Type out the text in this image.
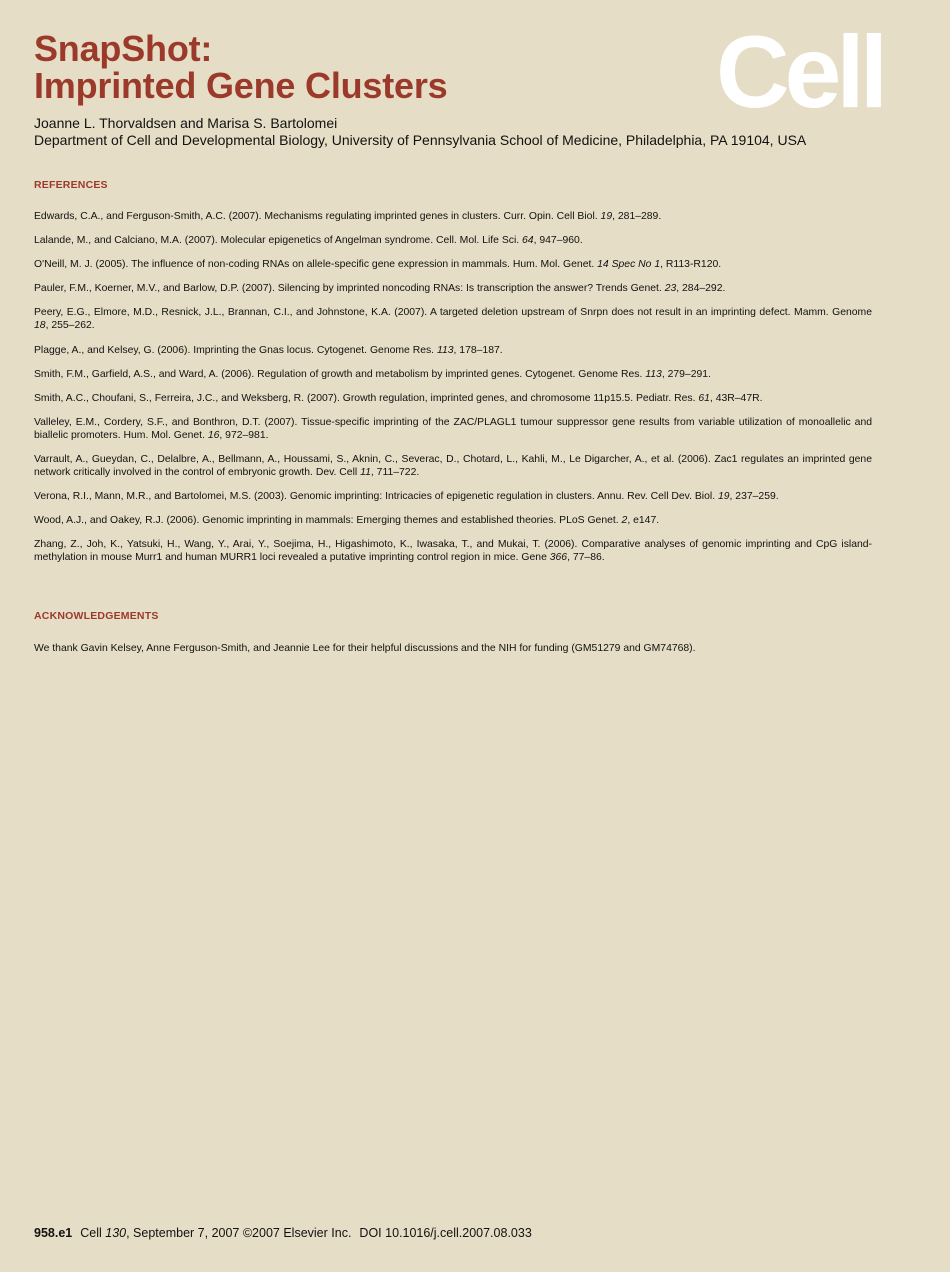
SnapShot:
Imprinted Gene Clusters	Cell
Joanne L. Thorvaldsen and Marisa S. Bartolomei
Department of Cell and Developmental Biology, University of Pennsylvania School of Medicine, Philadelphia, PA 19104, USA
REFERENCES
Edwards, C.A., and Ferguson-Smith, A.C. (2007). Mechanisms regulating imprinted genes in clusters. Curr. Opin. Cell Biol. 19, 281–289.
Lalande, M., and Calciano, M.A. (2007). Molecular epigenetics of Angelman syndrome. Cell. Mol. Life Sci. 64, 947–960.
O'Neill, M. J. (2005). The influence of non-coding RNAs on allele-specific gene expression in mammals. Hum. Mol. Genet. 14 Spec No 1, R113-R120.
Pauler, F.M., Koerner, M.V., and Barlow, D.P. (2007). Silencing by imprinted noncoding RNAs: Is transcription the answer? Trends Genet. 23, 284–292.
Peery, E.G., Elmore, M.D., Resnick, J.L., Brannan, C.I., and Johnstone, K.A. (2007). A targeted deletion upstream of Snrpn does not result in an imprinting defect. Mamm. Genome 18, 255–262.
Plagge, A., and Kelsey, G. (2006). Imprinting the Gnas locus. Cytogenet. Genome Res. 113, 178–187.
Smith, F.M., Garfield, A.S., and Ward, A. (2006). Regulation of growth and metabolism by imprinted genes. Cytogenet. Genome Res. 113, 279–291.
Smith, A.C., Choufani, S., Ferreira, J.C., and Weksberg, R. (2007). Growth regulation, imprinted genes, and chromosome 11p15.5. Pediatr. Res. 61, 43R–47R.
Valleley, E.M., Cordery, S.F., and Bonthron, D.T. (2007). Tissue-specific imprinting of the ZAC/PLAGL1 tumour suppressor gene results from variable utilization of monoallelic and biallelic promoters. Hum. Mol. Genet. 16, 972–981.
Varrault, A., Gueydan, C., Delalbre, A., Bellmann, A., Houssami, S., Aknin, C., Severac, D., Chotard, L., Kahli, M., Le Digarcher, A., et al. (2006). Zac1 regulates an imprinted gene network critically involved in the control of embryonic growth. Dev. Cell 11, 711–722.
Verona, R.I., Mann, M.R., and Bartolomei, M.S. (2003). Genomic imprinting: Intricacies of epigenetic regulation in clusters. Annu. Rev. Cell Dev. Biol. 19, 237–259.
Wood, A.J., and Oakey, R.J. (2006). Genomic imprinting in mammals: Emerging themes and established theories. PLoS Genet. 2, e147.
Zhang, Z., Joh, K., Yatsuki, H., Wang, Y., Arai, Y., Soejima, H., Higashimoto, K., Iwasaka, T., and Mukai, T. (2006). Comparative analyses of genomic imprinting and CpG island-methylation in mouse Murr1 and human MURR1 loci revealed a putative imprinting control region in mice. Gene 366, 77–86.
ACKNOWLEDGEMENTS
We thank Gavin Kelsey, Anne Ferguson-Smith, and Jeannie Lee for their helpful discussions and the NIH for funding (GM51279 and GM74768).
958.e1 Cell 130, September 7, 2007 ©2007 Elsevier Inc. DOI 10.1016/j.cell.2007.08.033
